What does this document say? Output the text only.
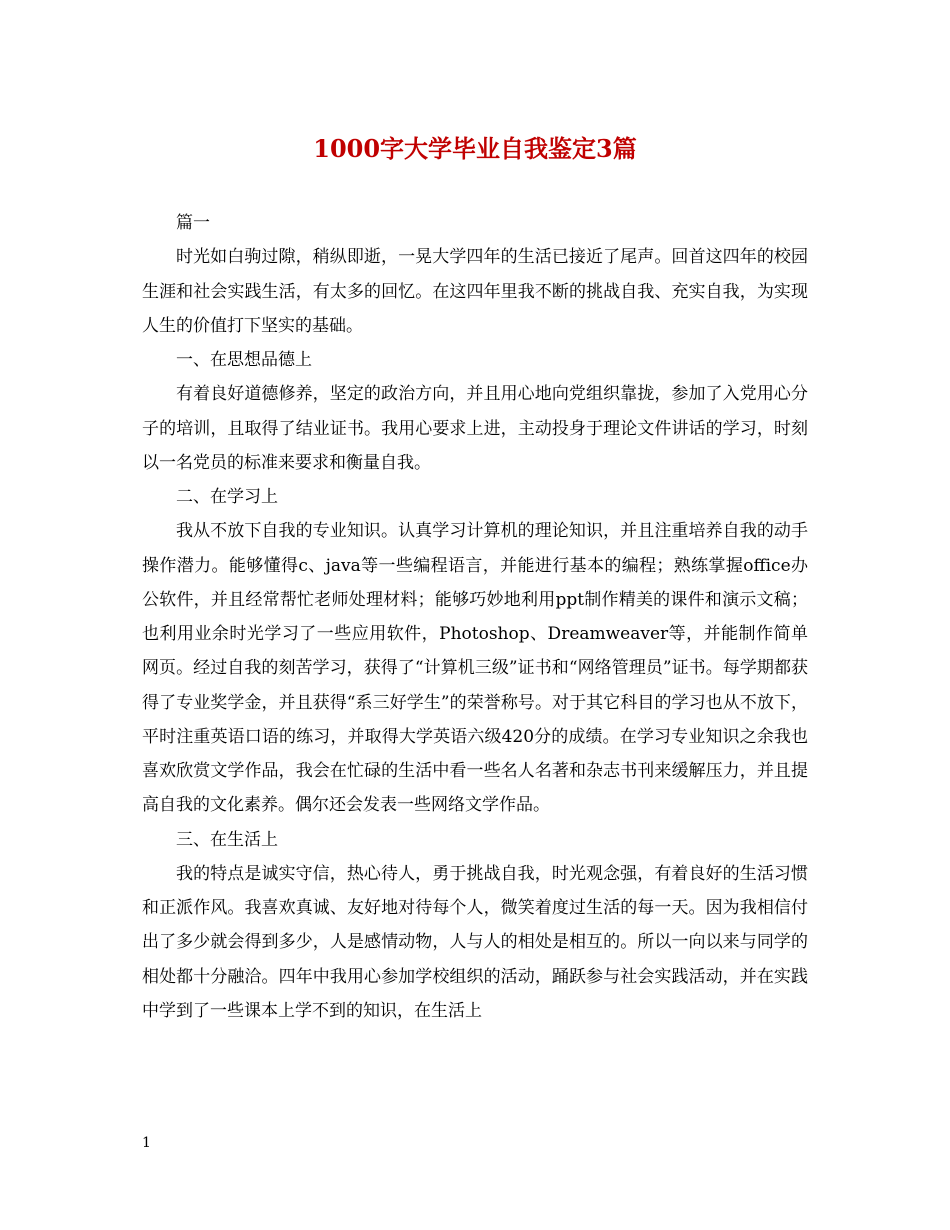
1000字大学毕业自我鉴定3篇

篇一

时光如白驹过隙，稍纵即逝，一晃大学四年的生活已接近了尾声。回首这四年的校园生涯和社会实践生活，有太多的回忆。在这四年里我不断的挑战自我、充实自我，为实现人生的价值打下坚实的基础。

一、在思想品德上

有着良好道德修养，坚定的政治方向，并且用心地向党组织靠拢，参加了入党用心分子的培训，且取得了结业证书。我用心要求上进，主动投身于理论文件讲话的学习，时刻以一名党员的标准来要求和衡量自我。

二、在学习上

我从不放下自我的专业知识。认真学习计算机的理论知识，并且注重培养自我的动手操作潜力。能够懂得c、java等一些编程语言，并能进行基本的编程；熟练掌握office办公软件，并且经常帮忙老师处理材料；能够巧妙地利用ppt制作精美的课件和演示文稿；也利用业余时光学习了一些应用软件，Photoshop、Dreamweaver等，并能制作简单网页。经过自我的刻苦学习，获得了“计算机三级”证书和“网络管理员”证书。每学期都获得了专业奖学金，并且获得“系三好学生”的荣誉称号。对于其它科目的学习也从不放下，平时注重英语口语的练习，并取得大学英语六级420分的成绩。在学习专业知识之余我也喜欢欣赏文学作品，我会在忙碌的生活中看一些名人名著和杂志书刊来缓解压力，并且提高自我的文化素养。偶尔还会发表一些网络文学作品。

三、在生活上

我的特点是诚实守信，热心待人，勇于挑战自我，时光观念强，有着良好的生活习惯和正派作风。我喜欢真诚、友好地对待每个人，微笑着度过生活的每一天。因为我相信付出了多少就会得到多少，人是感情动物，人与人的相处是相互的。所以一向以来与同学的相处都十分融洽。四年中我用心参加学校组织的活动，踊跃参与社会实践活动，并在实践中学到了一些课本上学不到的知识，在生活上

1
